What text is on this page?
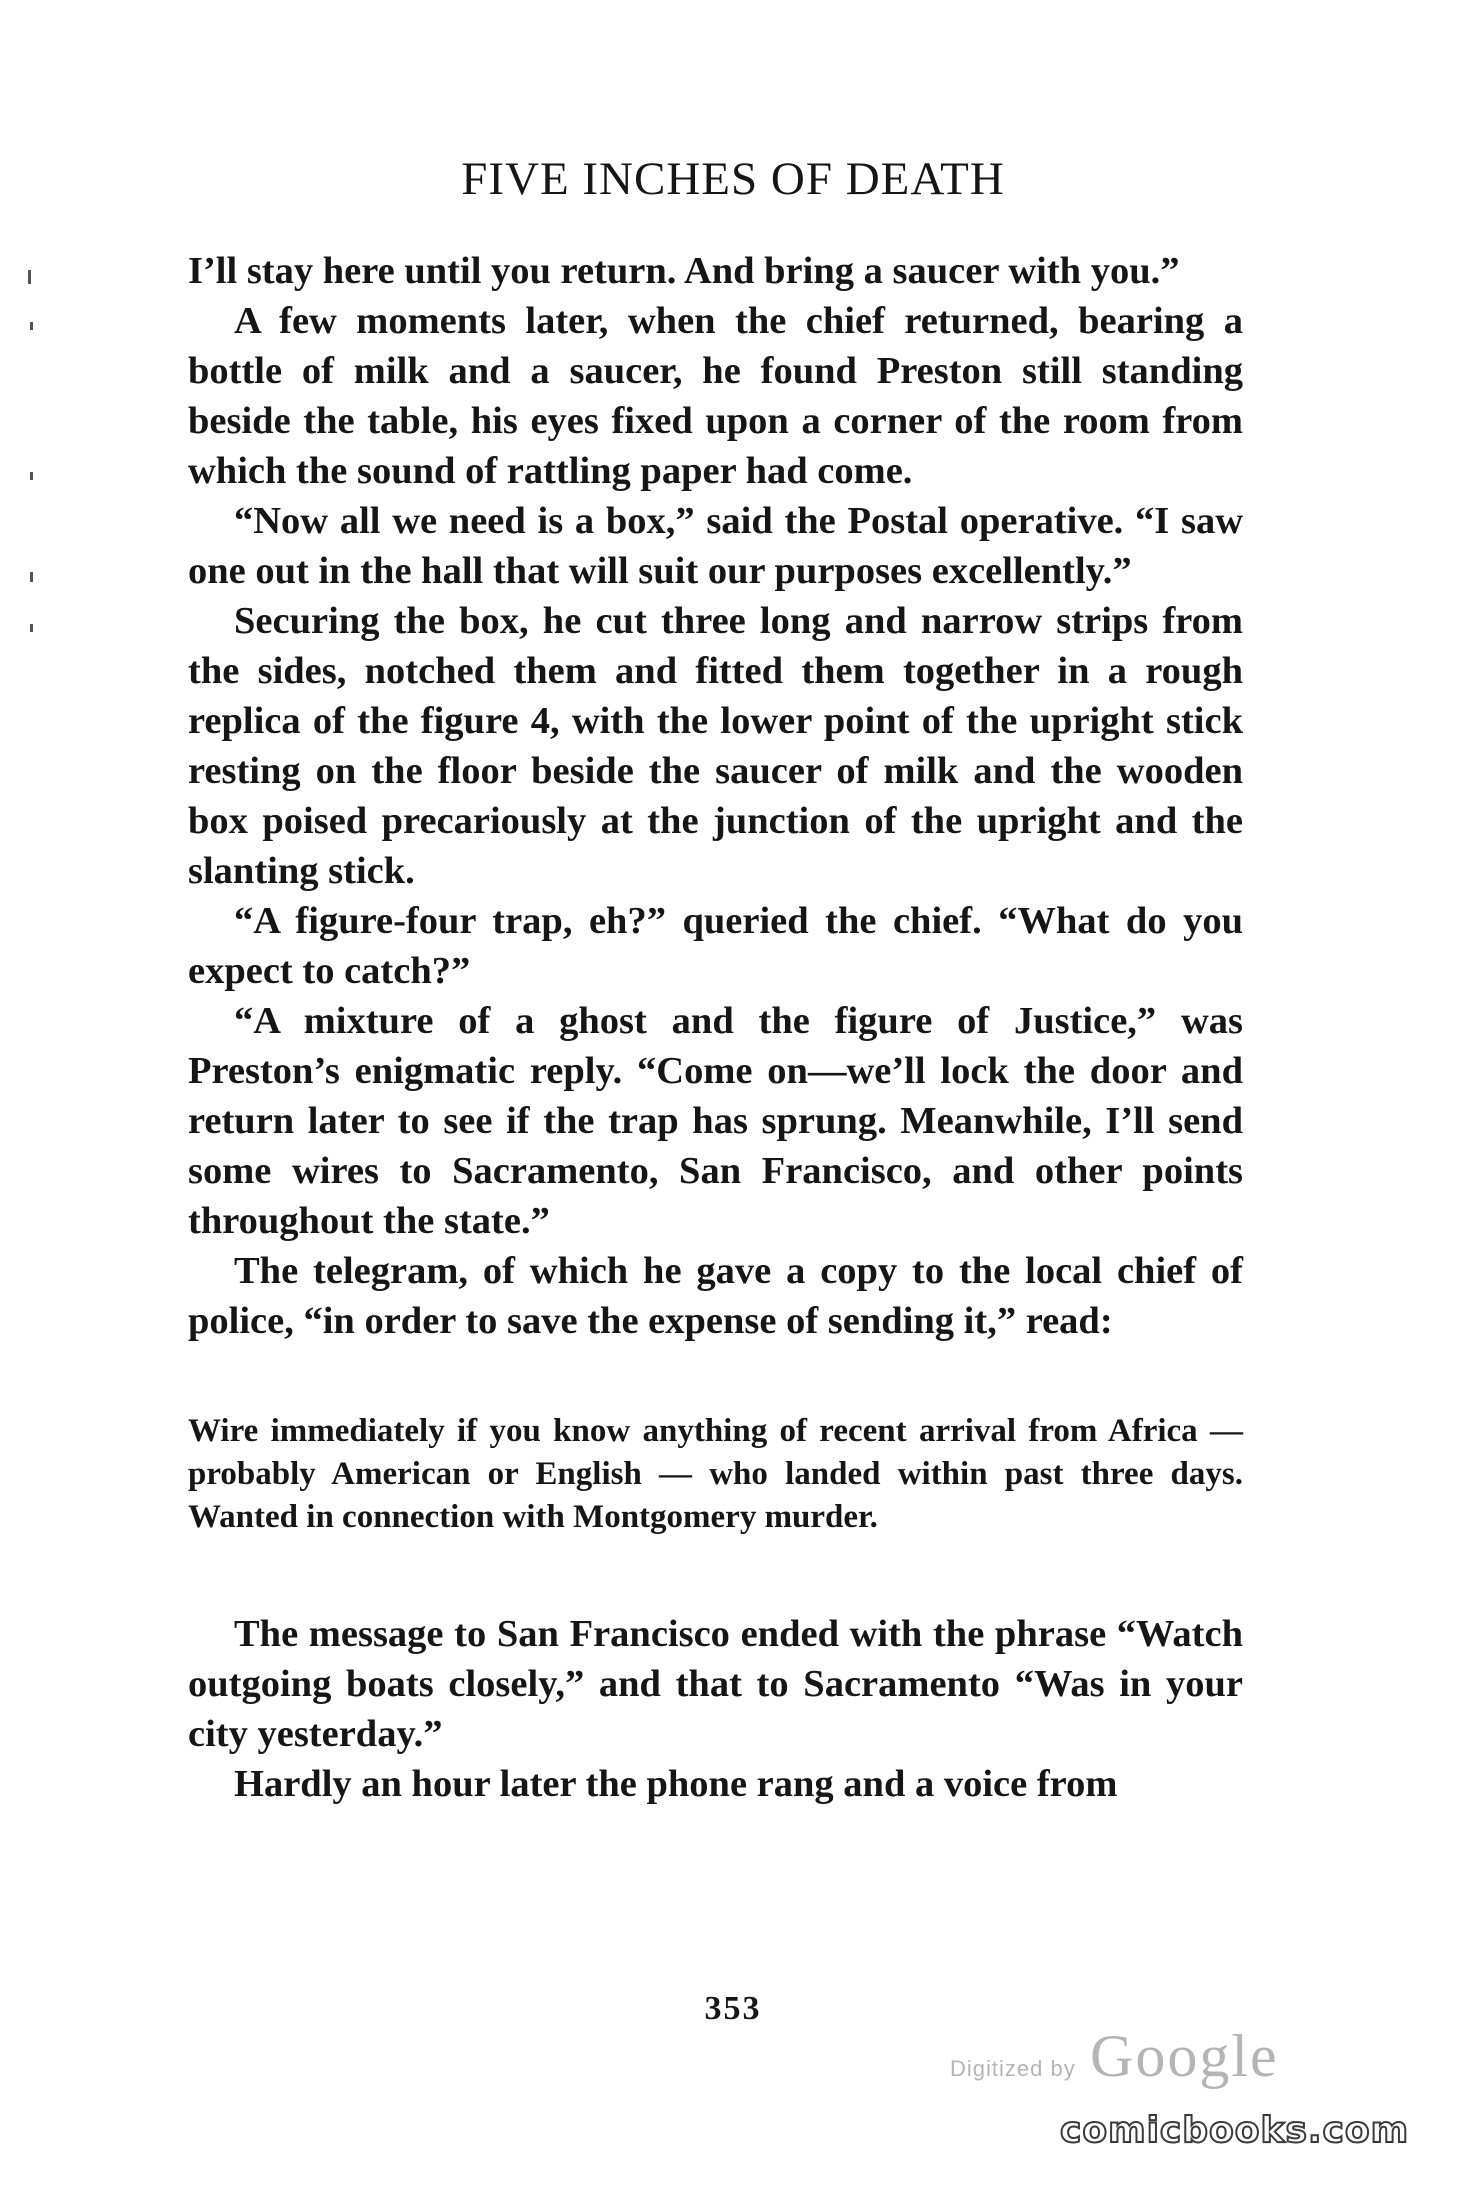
FIVE INCHES OF DEATH

I’ll stay here until you return. And bring a saucer with you.”

A few moments later, when the chief returned, bearing a bottle of milk and a saucer, he found Preston still standing beside the table, his eyes fixed upon a corner of the room from which the sound of rattling paper had come.

“Now all we need is a box,” said the Postal operative. “I saw one out in the hall that will suit our purposes excellently.”

Securing the box, he cut three long and narrow strips from the sides, notched them and fitted them together in a rough replica of the figure 4, with the lower point of the upright stick resting on the floor beside the saucer of milk and the wooden box poised precariously at the junction of the upright and the slanting stick.

“A figure-four trap, eh?” queried the chief. “What do you expect to catch?”

“A mixture of a ghost and the figure of Justice,” was Preston’s enigmatic reply. “Come on—we’ll lock the door and return later to see if the trap has sprung. Meanwhile, I’ll send some wires to Sacramento, San Francisco, and other points throughout the state.”

The telegram, of which he gave a copy to the local chief of police, “in order to save the expense of sending it,” read:

Wire immediately if you know anything of recent arrival from Africa — probably American or English — who landed within past three days. Wanted in connection with Montgomery murder.

The message to San Francisco ended with the phrase “Watch outgoing boats closely,” and that to Sacramento “Was in your city yesterday.”

Hardly an hour later the phone rang and a voice from

353
Digitized by Google
comicbooks.com
